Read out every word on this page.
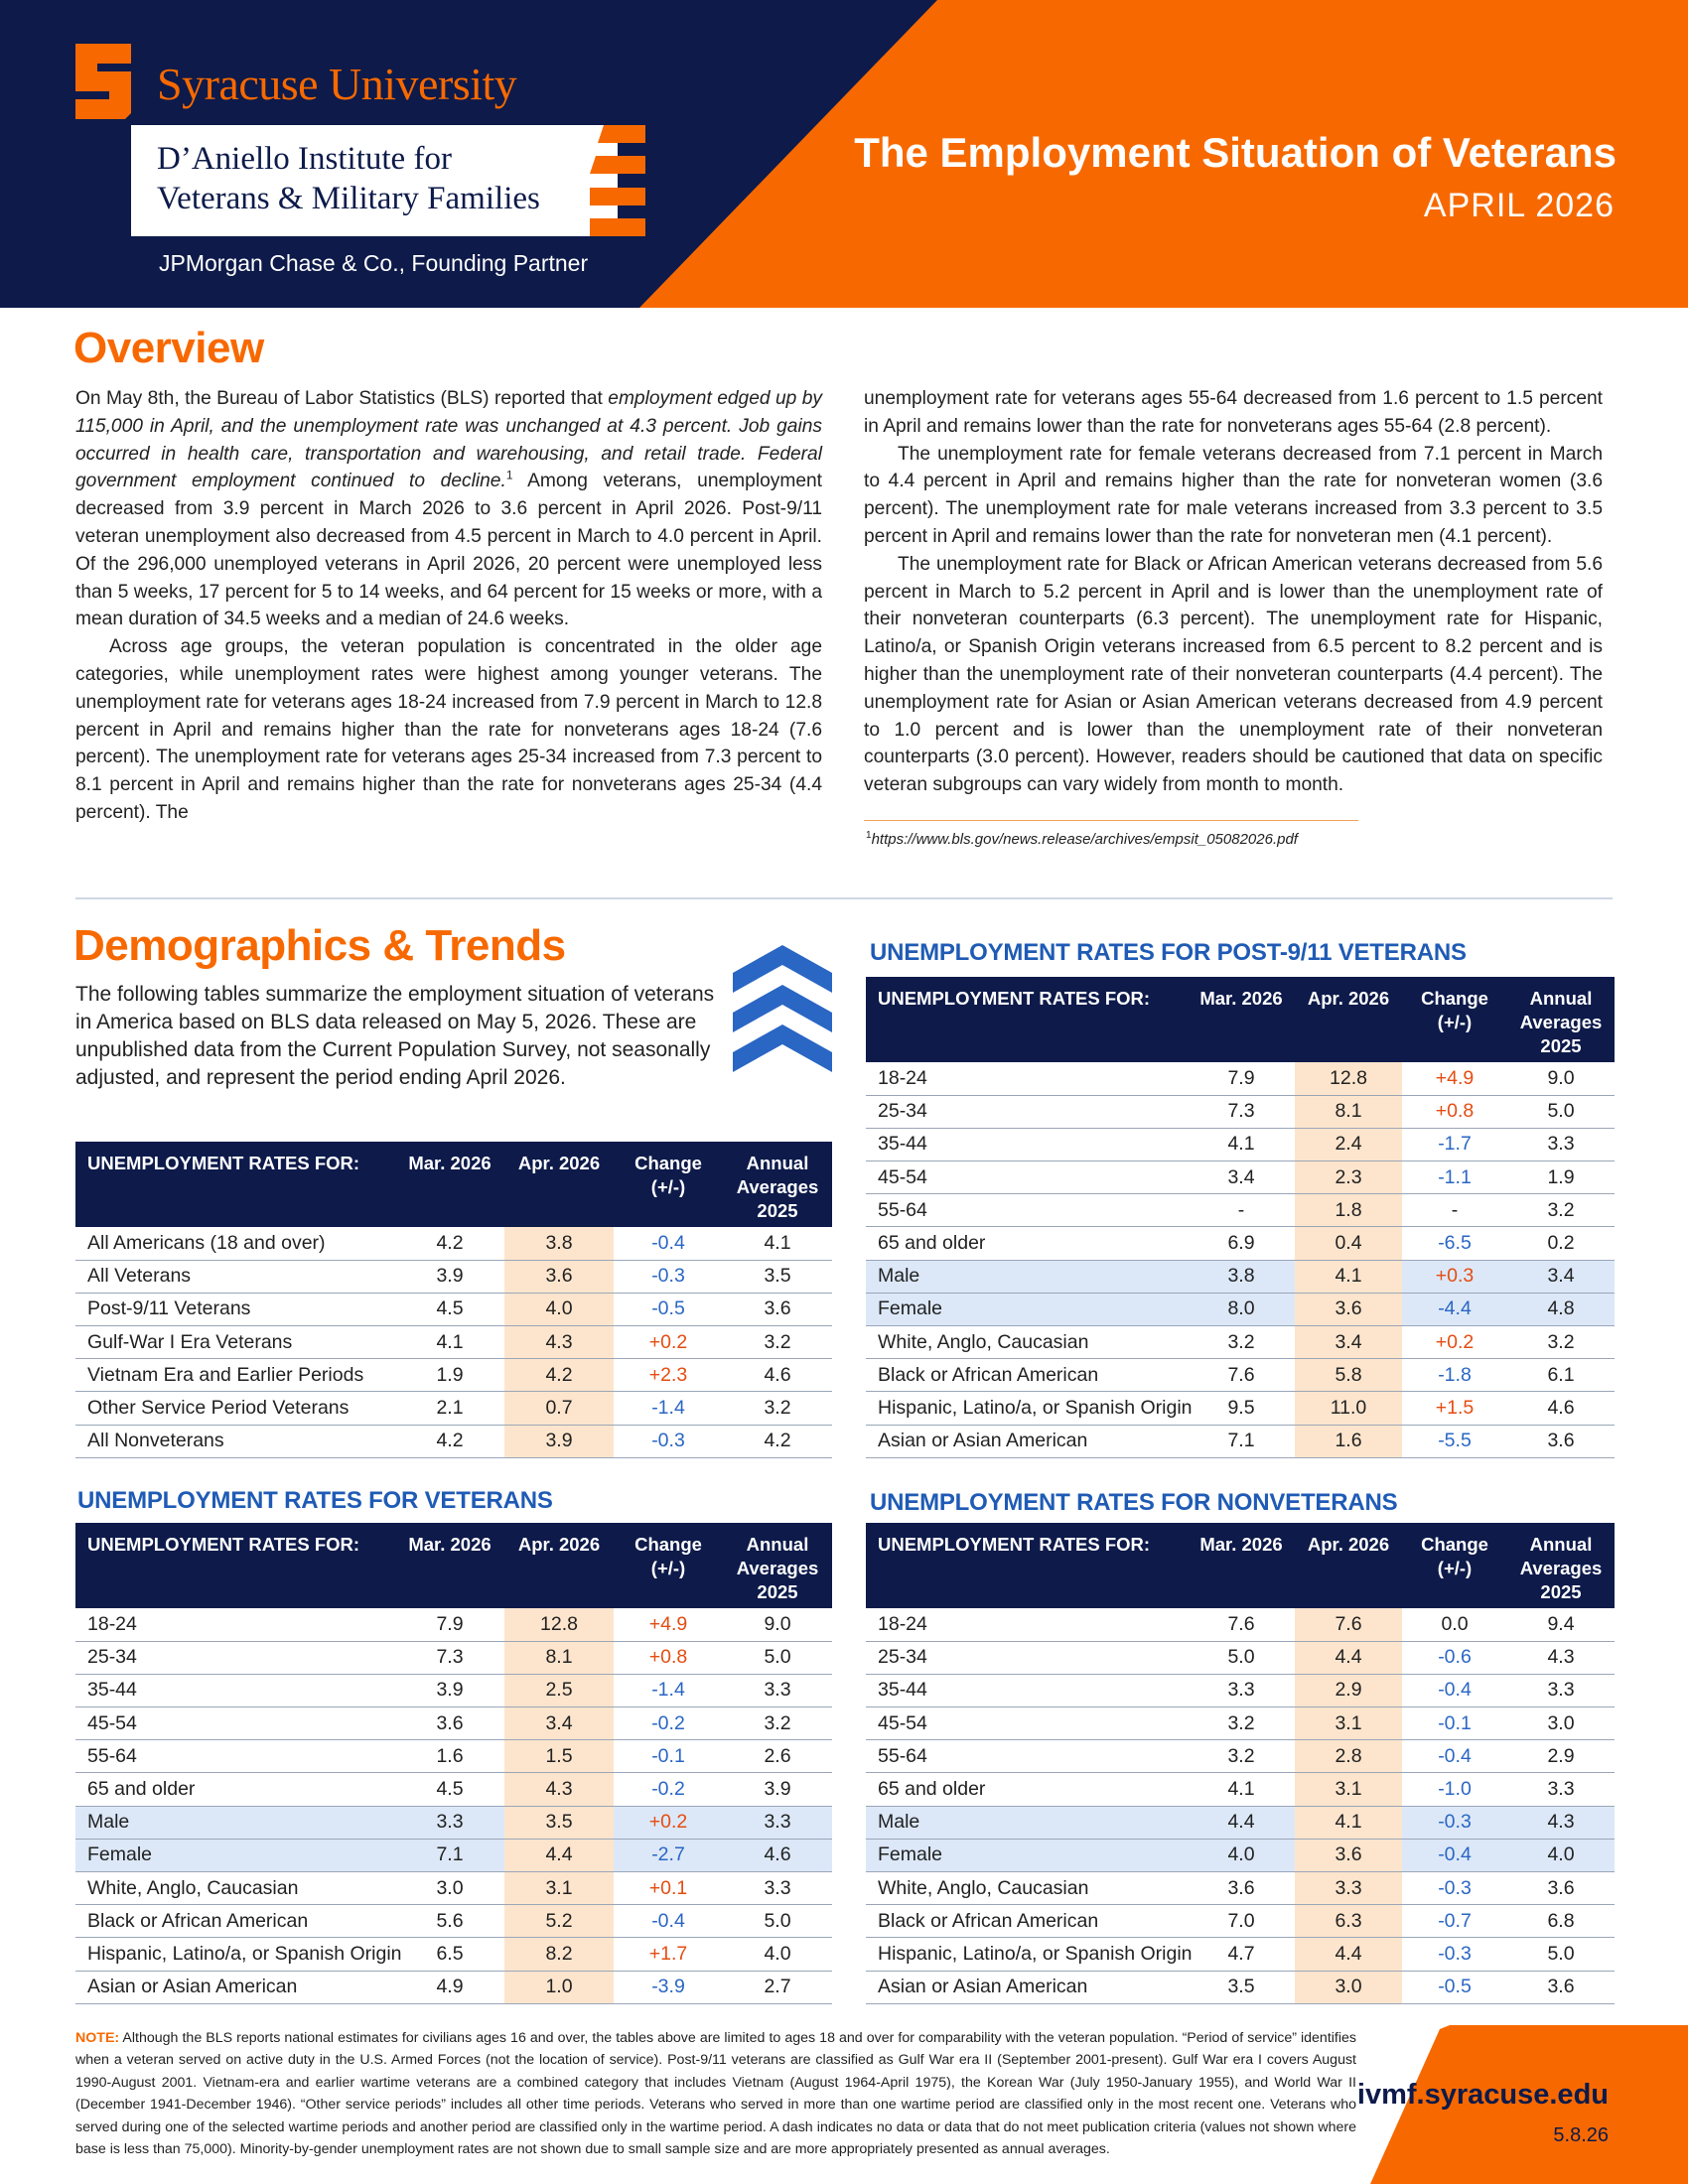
Syracuse University
D’Aniello Institute for
Veterans & Military Families
JPMorgan Chase & Co., Founding Partner
The Employment Situation of Veterans
APRIL 2026
Overview

On May 8th, the Bureau of Labor Statistics (BLS) reported that employment edged up by 115,000 in April, and the unemployment rate was unchanged at 4.3 percent. Job gains occurred in health care, transportation and warehousing, and retail trade. Federal government employment continued to decline.$^1$ Among veterans, unemployment decreased from 3.9 percent in March 2026 to 3.6 percent in April 2026. Post-9/11 veteran unemployment also decreased from 4.5 percent in March to 4.0 percent in April. Of the 296,000 unemployed veterans in April 2026, 20 percent were unemployed less than 5 weeks, 17 percent for 5 to 14 weeks, and 64 percent for 15 weeks or more, with a mean duration of 34.5 weeks and a median of 24.6 weeks.

Across age groups, the veteran population is concentrated in the older age categories, while unemployment rates were highest among younger veterans. The unemployment rate for veterans ages 18-24 increased from 7.9 percent in March to 12.8 percent in April and remains higher than the rate for nonveterans ages 18-24 (7.6 percent). The unemployment rate for veterans ages 25-34 increased from 7.3 percent to 8.1 percent in April and remains higher than the rate for nonveterans ages 25-34 (4.4 percent). The

unemployment rate for veterans ages 55-64 decreased from 1.6 percent to 1.5 percent in April and remains lower than the rate for nonveterans ages 55-64 (2.8 percent).

The unemployment rate for female veterans decreased from 7.1 percent in March to 4.4 percent in April and remains higher than the rate for nonveteran women (3.6 percent). The unemployment rate for male veterans increased from 3.3 percent to 3.5 percent in April and remains lower than the rate for nonveteran men (4.1 percent).

The unemployment rate for Black or African American veterans decreased from 5.6 percent in March to 5.2 percent in April and is lower than the unemployment rate of their nonveteran counterparts (6.3 percent). The unemployment rate for Hispanic, Latino/a, or Spanish Origin veterans increased from 6.5 percent to 8.2 percent and is higher than the unemployment rate of their nonveteran counterparts (4.4 percent). The unemployment rate for Asian or Asian American veterans decreased from 4.9 percent to 1.0 percent and is lower than the unemployment rate of their nonveteran counterparts (3.0 percent). However, readers should be cautioned that data on specific veteran subgroups can vary widely from month to month.

$^1$https://www.bls.gov/news.release/archives/empsit_05082026.pdf
Demographics & Trends
The following tables summarize the employment situation of veterans in America based on BLS data released on May 5, 2026. These are unpublished data from the Current Population Survey, not seasonally adjusted, and represent the period ending April 2026.
UNEMPLOYMENT RATES FOR:	Mar. 2026	Apr. 2026	Change (+/-)	Annual Averages 2025
All Americans (18 and over)	4.2	3.8	-0.4	4.1
All Veterans	3.9	3.6	-0.3	3.5
Post-9/11 Veterans	4.5	4.0	-0.5	3.6
Gulf-War I Era Veterans	4.1	4.3	+0.2	3.2
Vietnam Era and Earlier Periods	1.9	4.2	+2.3	4.6
Other Service Period Veterans	2.1	0.7	-1.4	3.2
All Nonveterans	4.2	3.9	-0.3	4.2
UNEMPLOYMENT RATES FOR POST-9/11 VETERANS
UNEMPLOYMENT RATES FOR:	Mar. 2026	Apr. 2026	Change (+/-)	Annual Averages 2025
18-24	7.9	12.8	+4.9	9.0
25-34	7.3	8.1	+0.8	5.0
35-44	4.1	2.4	-1.7	3.3
45-54	3.4	2.3	-1.1	1.9
55-64	-	1.8	-	3.2
65 and older	6.9	0.4	-6.5	0.2
Male	3.8	4.1	+0.3	3.4
Female	8.0	3.6	-4.4	4.8
White, Anglo, Caucasian	3.2	3.4	+0.2	3.2
Black or African American	7.6	5.8	-1.8	6.1
Hispanic, Latino/a, or Spanish Origin	9.5	11.0	+1.5	4.6
Asian or Asian American	7.1	1.6	-5.5	3.6
UNEMPLOYMENT RATES FOR VETERANS
UNEMPLOYMENT RATES FOR:	Mar. 2026	Apr. 2026	Change (+/-)	Annual Averages 2025
18-24	7.9	12.8	+4.9	9.0
25-34	7.3	8.1	+0.8	5.0
35-44	3.9	2.5	-1.4	3.3
45-54	3.6	3.4	-0.2	3.2
55-64	1.6	1.5	-0.1	2.6
65 and older	4.5	4.3	-0.2	3.9
Male	3.3	3.5	+0.2	3.3
Female	7.1	4.4	-2.7	4.6
White, Anglo, Caucasian	3.0	3.1	+0.1	3.3
Black or African American	5.6	5.2	-0.4	5.0
Hispanic, Latino/a, or Spanish Origin	6.5	8.2	+1.7	4.0
Asian or Asian American	4.9	1.0	-3.9	2.7
UNEMPLOYMENT RATES FOR NONVETERANS
UNEMPLOYMENT RATES FOR:	Mar. 2026	Apr. 2026	Change (+/-)	Annual Averages 2025
18-24	7.6	7.6	0.0	9.4
25-34	5.0	4.4	-0.6	4.3
35-44	3.3	2.9	-0.4	3.3
45-54	3.2	3.1	-0.1	3.0
55-64	3.2	2.8	-0.4	2.9
65 and older	4.1	3.1	-1.0	3.3
Male	4.4	4.1	-0.3	4.3
Female	4.0	3.6	-0.4	4.0
White, Anglo, Caucasian	3.6	3.3	-0.3	3.6
Black or African American	7.0	6.3	-0.7	6.8
Hispanic, Latino/a, or Spanish Origin	4.7	4.4	-0.3	5.0
Asian or Asian American	3.5	3.0	-0.5	3.6
NOTE: Although the BLS reports national estimates for civilians ages 16 and over, the tables above are limited to ages 18 and over for comparability with the veteran population. “Period of service” identifies when a veteran served on active duty in the U.S. Armed Forces (not the location of service). Post-9/11 veterans are classified as Gulf War era II (September 2001-present). Gulf War era I covers August 1990-August 2001. Vietnam-era and earlier wartime veterans are a combined category that includes Vietnam (August 1964-April 1975), the Korean War (July 1950-January 1955), and World War II (December 1941-December 1946). “Other service periods” includes all other time periods. Veterans who served in more than one wartime period are classified only in the most recent one. Veterans who served during one of the selected wartime periods and another period are classified only in the wartime period. A dash indicates no data or data that do not meet publication criteria (values not shown where base is less than 75,000). Minority-by-gender unemployment rates are not shown due to small sample size and are more appropriately presented as annual averages.
ivmf.syracuse.edu
5.8.26
